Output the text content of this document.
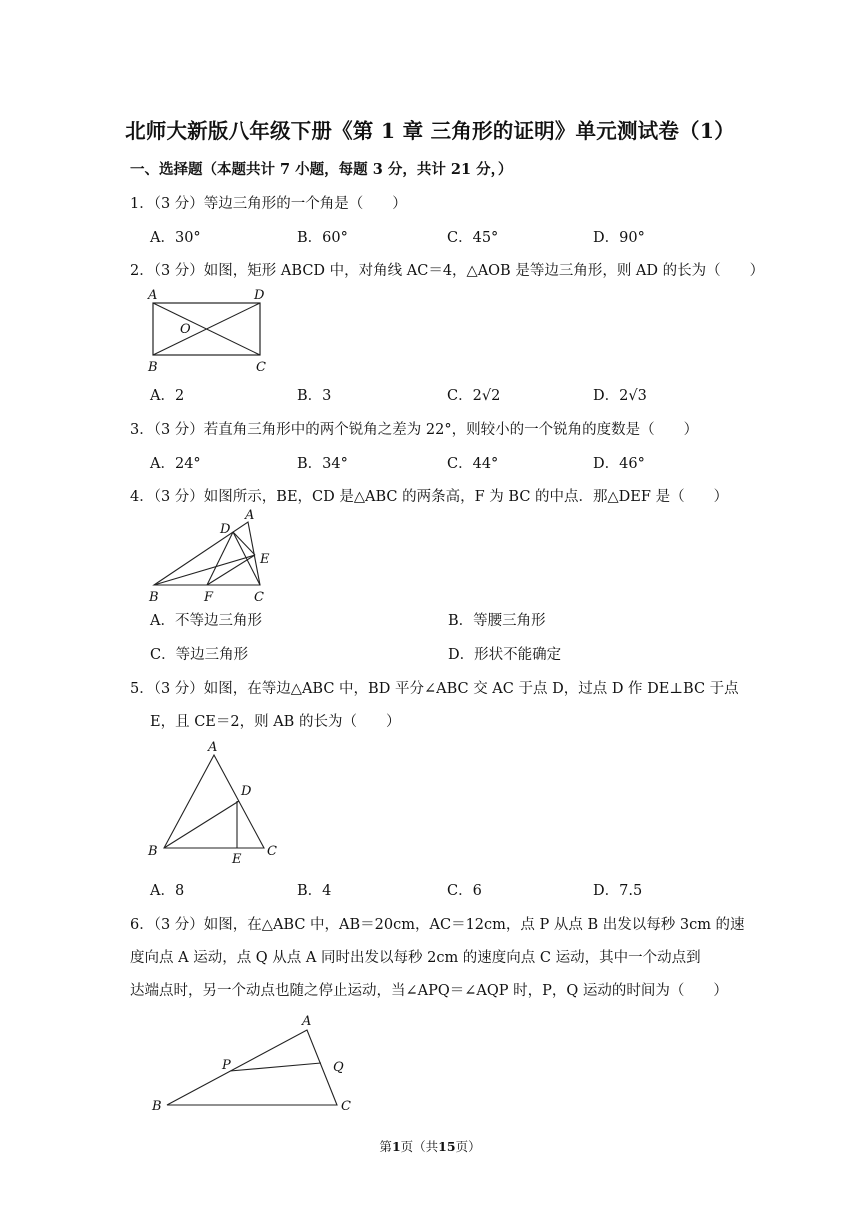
北师大新版八年级下册《第 1 章 三角形的证明》单元测试卷（1）
一、选择题（本题共计 7 小题，每题 3 分，共计 21 分，）
1．（3 分）等边三角形的一个角是（　　）
A．30°	B．60°	C．45°	D．90°
2．（3 分）如图，矩形 ABCD 中，对角线 AC＝4，△AOB 是等边三角形，则 AD 的长为（　　）
A	D
O
B	C
A．2	B．3	C．2√2	D．2√3
3．（3 分）若直角三角形中的两个锐角之差为 22°，则较小的一个锐角的度数是（　　）
A．24°	B．34°	C．44°	D．46°
4．（3 分）如图所示，BE，CD 是△ABC 的两条高，F 为 BC 的中点．那△DEF 是（　　）
D
A
E
B	F	C
A．不等边三角形	B．等腰三角形
C．等边三角形	D．形状不能确定
5．（3 分）如图，在等边△ABC 中，BD 平分∠ABC 交 AC 于点 D，过点 D 作 DE⊥BC 于点
E，且 CE＝2，则 AB 的长为（　　）
A
D
B
E
C
A．8	B．4	C．6	D．7.5
6．（3 分）如图，在△ABC 中，AB＝20cm，AC＝12cm，点 P 从点 B 出发以每秒 3cm 的速
度向点 A 运动，点 Q 从点 A 同时出发以每秒 2cm 的速度向点 C 运动，其中一个动点到
达端点时，另一个动点也随之停止运动，当∠APQ＝∠AQP 时，P，Q 运动的时间为（　　）
A
P	Q
B	C
第1页（共15页）
